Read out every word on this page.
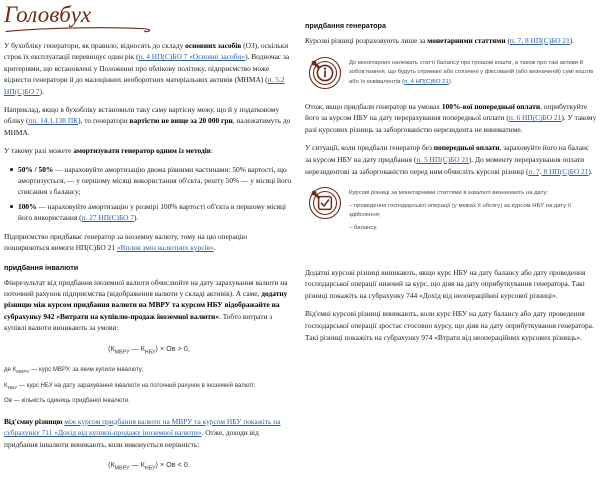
Головбух

У бухобліку генератори, як правило, відносять до складу основних засобів (ОЗ), оскільки строк їх експлуатації перевищує один рік (п. 4 НП(С)БО 7 «Основні засоби»). Водночас за критеріями, що встановлені у Положенні про облікову політику, підприємство може віднести генератори й до малоцінних необоротних матеріальних активів (МНМА) (п. 5.2 НП(С)БО 7).

Наприклад, якщо в бухобліку встановили таку саму вартісну межу, що й у податковому обліку (пп. 14.1.138 ПК), то генератори вартістю не вище за 20 000 грн, належатимуть до МНМА.

У такому разі можете амортизувати генератор одним із методів:

50% / 50% — нараховуйте амортизацію двома рівними частинами: 50% вартості, що амортизується, — у першому місяці використання об'єкта, решту 50% — у місяці його списання з балансу;
100% — нараховуйте амортизацію у розмірі 100% вартості об'єкта в першому місяці його використання (п. 27 НП(С)БО 7).

Підприємство придбаває генератор за іноземну валюту, тому на цю операцію поширюються вимоги НП(С)БО 21 «Вплив змін валютних курсів».

придбання інвалюти

Фінрезультат від придбання іноземної валюти обчислюйте на дату зарахування валюти на поточний рахунок підприємства (відображення валюти у складі активів). А саме, додатну різницю між курсом придбання валюти на МВРУ та курсом НБУ відображайте на субрахунку 942 «Витрати на купівлю-продаж іноземної валюти». Тобто витрати з купівлі валюти виникають за умови:

($К_{МВРУ}$ — $К_{НБУ}$) × Ов > 0,
де $К_{МВРУ}$ — курс МВРУ, за яким купили інвалюту;
$К_{НБУ}$ — курс НБУ на дату зарахування інвалюти на поточний рахунок в іноземній валюті;
Ов — кількість одиниць придбаної інвалюти.

Від'ємну різницю між курсом придбання валюти на МВРУ та курсом НБУ покажіть на субрахунку 711 «Дохід від купівлі-продажу іноземної валюти». Отже, доходи від придбання інвалюти виникають, коли виконується нерівність:

($К_{МВРУ}$ — $К_{НБУ}$) × Ов < 0.
придбання генератора

Курсові різниці розраховують лише за монетарними статтями (п. 7, 8 НП(С)БО 21).

До монетарних належать статті балансу про грошові кошти, а також про такі активи й зобов'язання, що будуть отримані або сплачені у фіксованій (або визначеній) сумі коштів або їх еквівалентів (п. 4 НП(С)БО 21).

Отож, якщо придбали генератор на умовах 100%-вої попередньої оплати, оприбуткуйте його за курсом НБУ на дату перерахування попередньої оплати (п. 6 НП(С)БО 21). У такому разі курсових різниць за заборгованістю нерезидента не виникатиме.

У ситуації, коли придбали генератор без попередньої оплати, зараховуйте його на баланс за курсом НБУ на дату придбання (п. 5 НП(С)БО 21). До моменту перерахування оплати нерезидентові за заборгованістю перед ним обчисліть курсові різниці (п. 7, 8 НП(С)БО 21).

Курсові різниці за монетарними статтями в інвалюті визначають на дату:

– проведення господарської операції (у межах її обсягу) за курсом НБУ на дату її здійснення;

– балансу.

Додатні курсові різниці виникають, якщо курс НБУ на дату балансу або дату проведення господарської операції нижчий за курс, що діяв на дату оприбуткування генератора. Такі різниці покажіть на субрахунку 744 «Дохід від неопераційної курсової різниці».

Від'ємні курсові різниці виникають, коли курс НБУ на дату балансу або дату проведення господарської операції зростає стосовно курсу, що діяв на дату оприбуткування генератора. Такі різниці покажіть на субрахунку 974 «Втрати від неопераційних курсових різниць».
